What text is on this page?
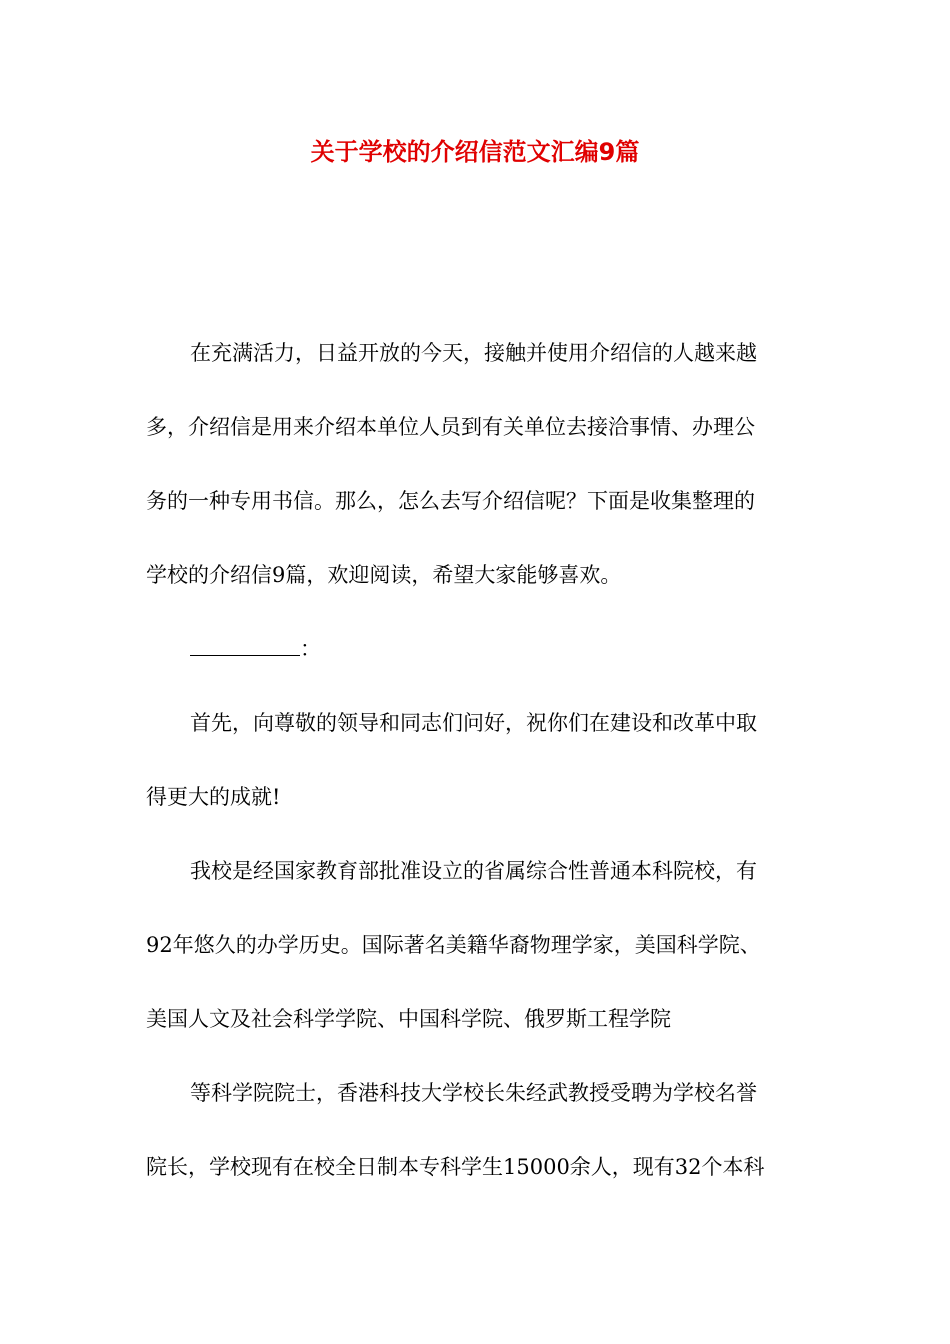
关于学校的介绍信范文汇编9篇
在充满活力，日益开放的今天，接触并使用介绍信的人越来越
多，介绍信是用来介绍本单位人员到有关单位去接洽事情、办理公
务的一种专用书信。那么，怎么去写介绍信呢？下面是收集整理的
学校的介绍信9篇，欢迎阅读，希望大家能够喜欢。
：
首先，向尊敬的领导和同志们问好，祝你们在建设和改革中取
得更大的成就!
我校是经国家教育部批准设立的省属综合性普通本科院校，有
92年悠久的办学历史。国际著名美籍华裔物理学家，美国科学院、
美国人文及社会科学学院、中国科学院、俄罗斯工程学院
等科学院院士，香港科技大学校长朱经武教授受聘为学校名誉
院长，学校现有在校全日制本专科学生15000余人，现有32个本科
